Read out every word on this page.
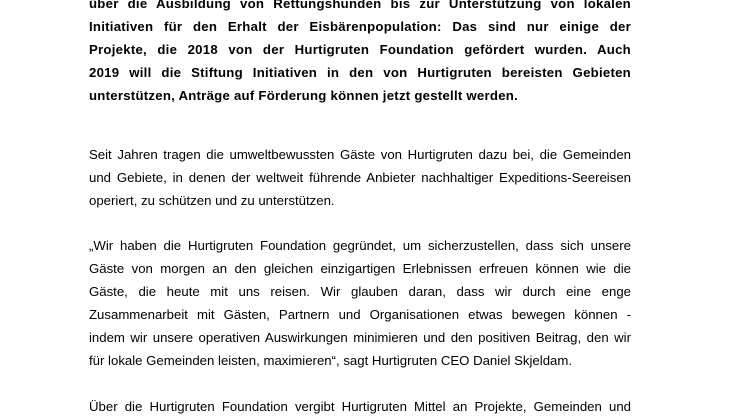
über die Ausbildung von Rettungshunden bis zur Unterstützung von lokalen
Initiativen für den Erhalt der Eisbärenpopulation: Das sind nur einige der
Projekte, die 2018 von der Hurtigruten Foundation gefördert wurden. Auch
2019 will die Stiftung Initiativen in den von Hurtigruten bereisten Gebieten
unterstützen, Anträge auf Förderung können jetzt gestellt werden.
Seit Jahren tragen die umweltbewussten Gäste von Hurtigruten dazu bei, die Gemeinden
und Gebiete, in denen der weltweit führende Anbieter nachhaltiger Expeditions-Seereisen
operiert, zu schützen und zu unterstützen.
„Wir haben die Hurtigruten Foundation gegründet, um sicherzustellen, dass sich unsere
Gäste von morgen an den gleichen einzigartigen Erlebnissen erfreuen können wie die
Gäste, die heute mit uns reisen. Wir glauben daran, dass wir durch eine enge
Zusammenarbeit mit Gästen, Partnern und Organisationen etwas bewegen können -
indem wir unsere operativen Auswirkungen minimieren und den positiven Beitrag, den wir
für lokale Gemeinden leisten, maximieren“, sagt Hurtigruten CEO Daniel Skjeldam.
Über die Hurtigruten Foundation vergibt Hurtigruten Mittel an Projekte, Gemeinden und
